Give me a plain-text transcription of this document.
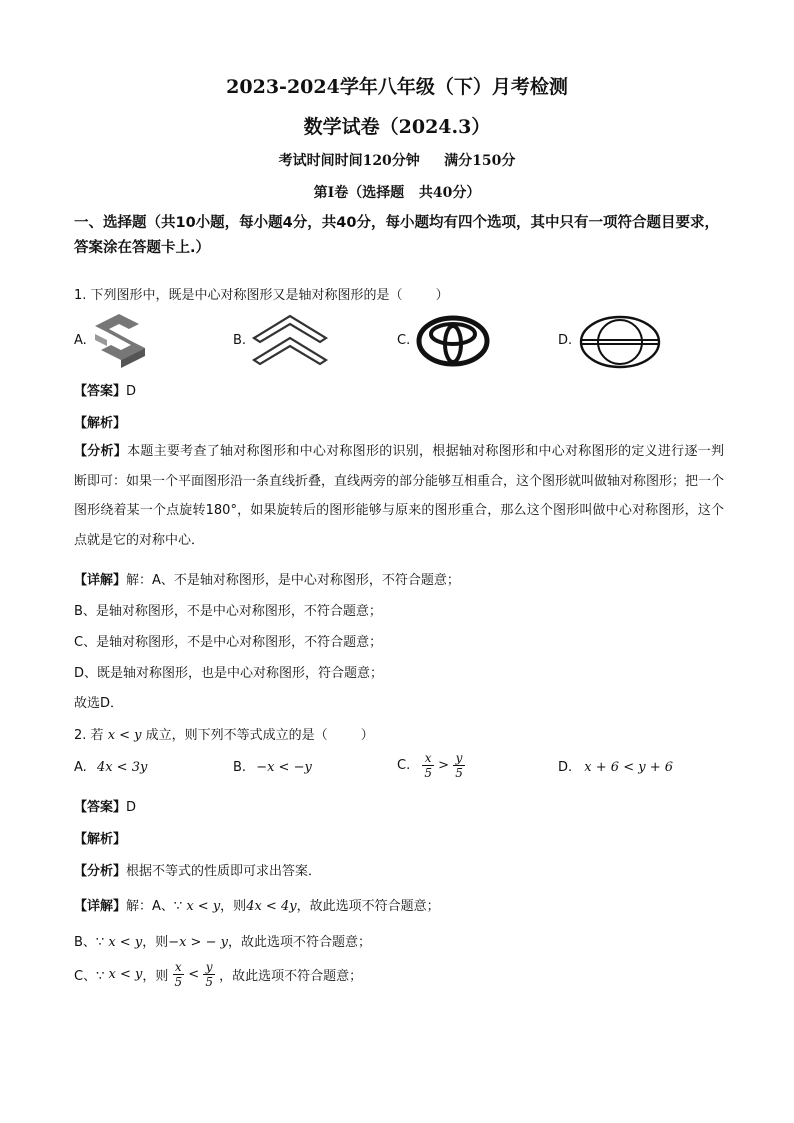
2023-2024学年八年级（下）月考检测
数学试卷（2024.3）
考试时间时间120分钟     满分150分
第I卷（选择题   共40分）
一、选择题（共10小题，每小题4分，共40分，每小题均有四个选项，其中只有一项符合题目要求，答案涂在答题卡上.）
1. 下列图形中，既是中心对称图形又是轴对称图形的是（        ）
A.	B.	C.	D.
【答案】D
【解析】
【分析】本题主要考查了轴对称图形和中心对称图形的识别，根据轴对称图形和中心对称图形的定义进行逐一判断即可：如果一个平面图形沿一条直线折叠，直线两旁的部分能够互相重合，这个图形就叫做轴对称图形；把一个图形绕着某一个点旋转180°，如果旋转后的图形能够与原来的图形重合，那么这个图形叫做中心对称图形，这个点就是它的对称中心．
【详解】解：A、不是轴对称图形，是中心对称图形，不符合题意；
B、是轴对称图形，不是中心对称图形，不符合题意；
C、是轴对称图形，不是中心对称图形，不符合题意；
D、既是轴对称图形，也是中心对称图形，符合题意；
故选D．
2. 若 x < y 成立，则下列不等式成立的是（        ）
A. 4x < 3y	B. −x < −y	C. $\frac{x}{5} > \frac{y}{5}$	D. x + 6 < y + 6
【答案】D
【解析】
【分析】根据不等式的性质即可求出答案．
【详解】解：A、∵ x < y，则4x < 4y，故此选项不符合题意；
B、∵ x < y，则−x > − y，故此选项不符合题意；
C、∵ x < y，则 $\frac{x}{5} < \frac{y}{5}$ ，故此选项不符合题意；
